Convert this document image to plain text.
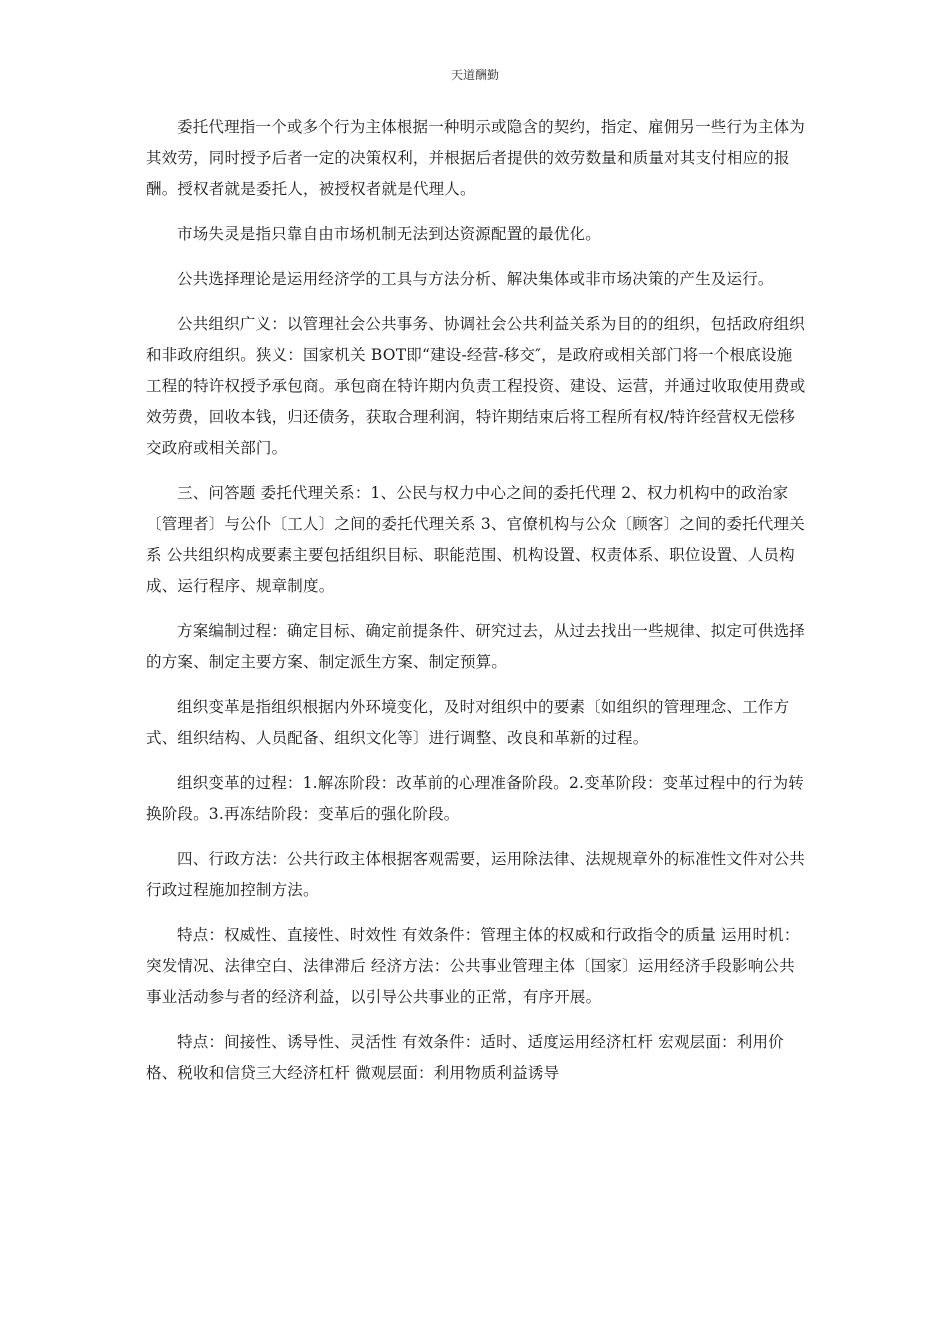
天道酬勤

委托代理指一个或多个行为主体根据一种明示或隐含的契约，指定、雇佣另一些行为主体为其效劳，同时授予后者一定的决策权利，并根据后者提供的效劳数量和质量对其支付相应的报酬。授权者就是委托人，被授权者就是代理人。

市场失灵是指只靠自由市场机制无法到达资源配置的最优化。

公共选择理论是运用经济学的工具与方法分析、解决集体或非市场决策的产生及运行。

公共组织广义：以管理社会公共事务、协调社会公共利益关系为目的的组织，包括政府组织和非政府组织。狭义：国家机关 BOT即“建设-经营-移交″，是政府或相关部门将一个根底设施工程的特许权授予承包商。承包商在特许期内负责工程投资、建设、运营，并通过收取使用费或效劳费，回收本钱，归还债务，获取合理利润，特许期结束后将工程所有权/特许经营权无偿移交政府或相关部门。

三、问答题 委托代理关系：1、公民与权力中心之间的委托代理 2、权力机构中的政治家〔管理者〕与公仆〔工人〕之间的委托代理关系 3、官僚机构与公众〔顾客〕之间的委托代理关系 公共组织构成要素主要包括组织目标、职能范围、机构设置、权责体系、职位设置、人员构成、运行程序、规章制度。

方案编制过程：确定目标、确定前提条件、研究过去，从过去找出一些规律、拟定可供选择的方案、制定主要方案、制定派生方案、制定预算。

组织变革是指组织根据内外环境变化，及时对组织中的要素〔如组织的管理理念、工作方式、组织结构、人员配备、组织文化等〕进行调整、改良和革新的过程。

组织变革的过程：1.解冻阶段：改革前的心理准备阶段。2.变革阶段：变革过程中的行为转换阶段。3.再冻结阶段：变革后的强化阶段。

四、行政方法：公共行政主体根据客观需要，运用除法律、法规规章外的标准性文件对公共行政过程施加控制方法。

特点：权威性、直接性、时效性 有效条件：管理主体的权威和行政指令的质量 运用时机：突发情况、法律空白、法律滞后 经济方法：公共事业管理主体〔国家〕运用经济手段影响公共事业活动参与者的经济利益，以引导公共事业的正常，有序开展。

特点：间接性、诱导性、灵活性 有效条件：适时、适度运用经济杠杆 宏观层面：利用价格、税收和信贷三大经济杠杆 微观层面：利用物质利益诱导
